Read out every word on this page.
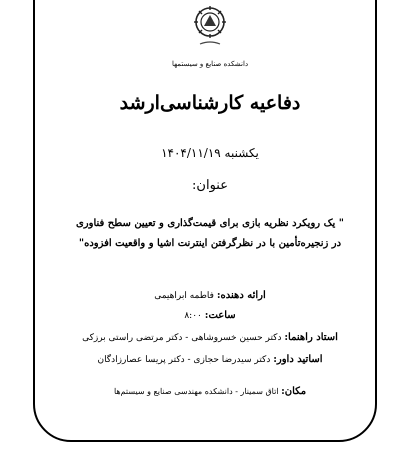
دانشکده صنایع و سیستمها
دفاعیه کارشناسی‌ارشد
یکشنبه ۱۴۰۴/۱۱/۱۹
عنوان:
" یک رویکرد نظریه بازی برای قیمت‌گذاری و تعیین سطح فناوری
در زنجیره‌تأمین با در نظرگرفتن اینترنت اشیا و واقعیت افزوده"
ارائه دهنده: فاطمه ابراهیمی
ساعت: ۸:۰۰
استاد راهنما: دکتر حسین خسروشاهی - دکتر مرتضی راستی برزکی
اساتید داور: دکتر سیدرضا حجازی - دکتر پریسا عصارزادگان
مکان: اتاق سمینار - دانشکده مهندسی صنایع و سیستم‌ها
